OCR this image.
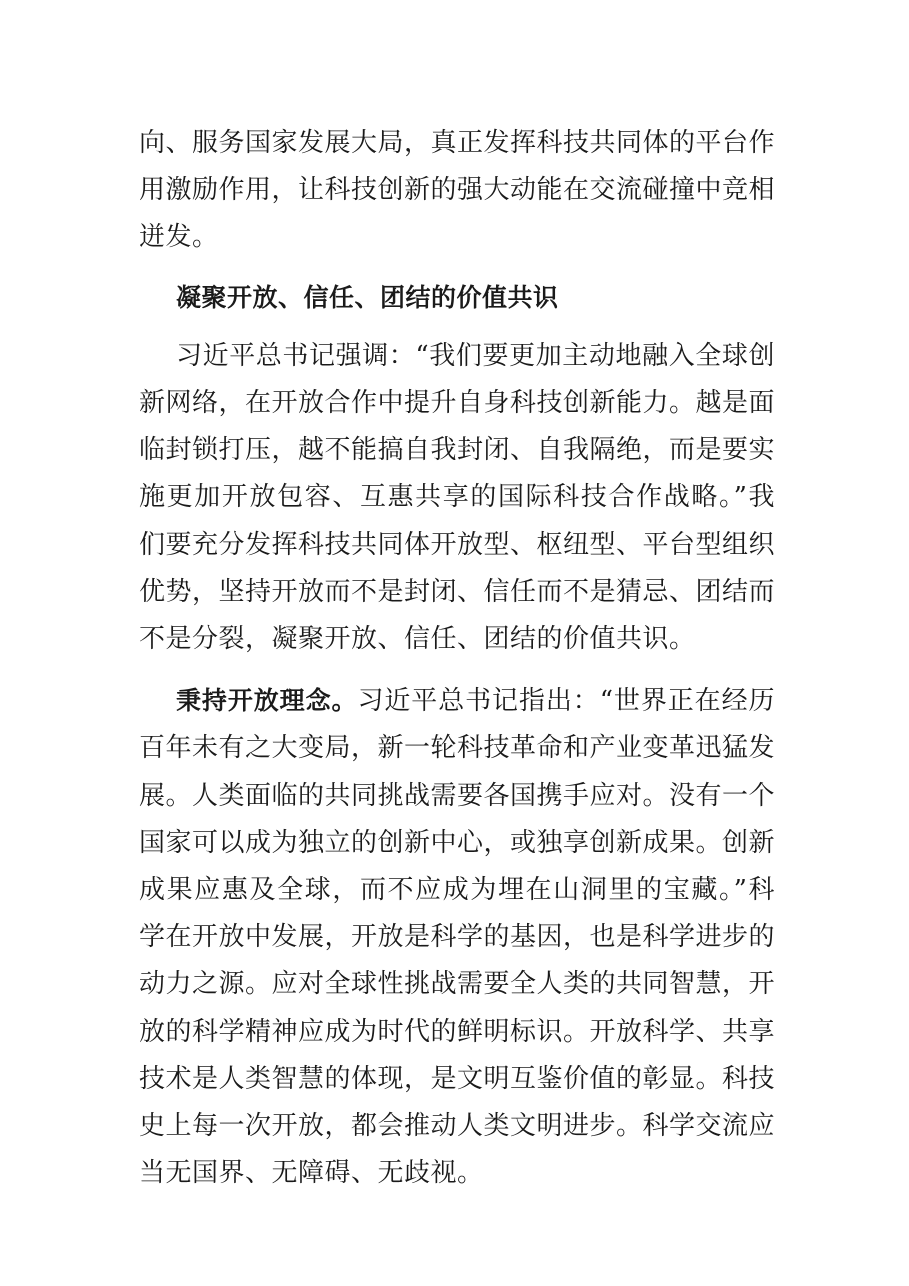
向、服务国家发展大局，真正发挥科技共同体的平台作用激励作用，让科技创新的强大动能在交流碰撞中竞相迸发。

凝聚开放、信任、团结的价值共识

习近平总书记强调：“我们要更加主动地融入全球创新网络，在开放合作中提升自身科技创新能力。越是面临封锁打压，越不能搞自我封闭、自我隔绝，而是要实施更加开放包容、互惠共享的国际科技合作战略。”我们要充分发挥科技共同体开放型、枢纽型、平台型组织优势，坚持开放而不是封闭、信任而不是猜忌、团结而不是分裂，凝聚开放、信任、团结的价值共识。

秉持开放理念。习近平总书记指出：“世界正在经历百年未有之大变局，新一轮科技革命和产业变革迅猛发展。人类面临的共同挑战需要各国携手应对。没有一个国家可以成为独立的创新中心，或独享创新成果。创新成果应惠及全球，而不应成为埋在山洞里的宝藏。”科学在开放中发展，开放是科学的基因，也是科学进步的动力之源。应对全球性挑战需要全人类的共同智慧，开放的科学精神应成为时代的鲜明标识。开放科学、共享技术是人类智慧的体现，是文明互鉴价值的彰显。科技史上每一次开放，都会推动人类文明进步。科学交流应当无国界、无障碍、无歧视。
